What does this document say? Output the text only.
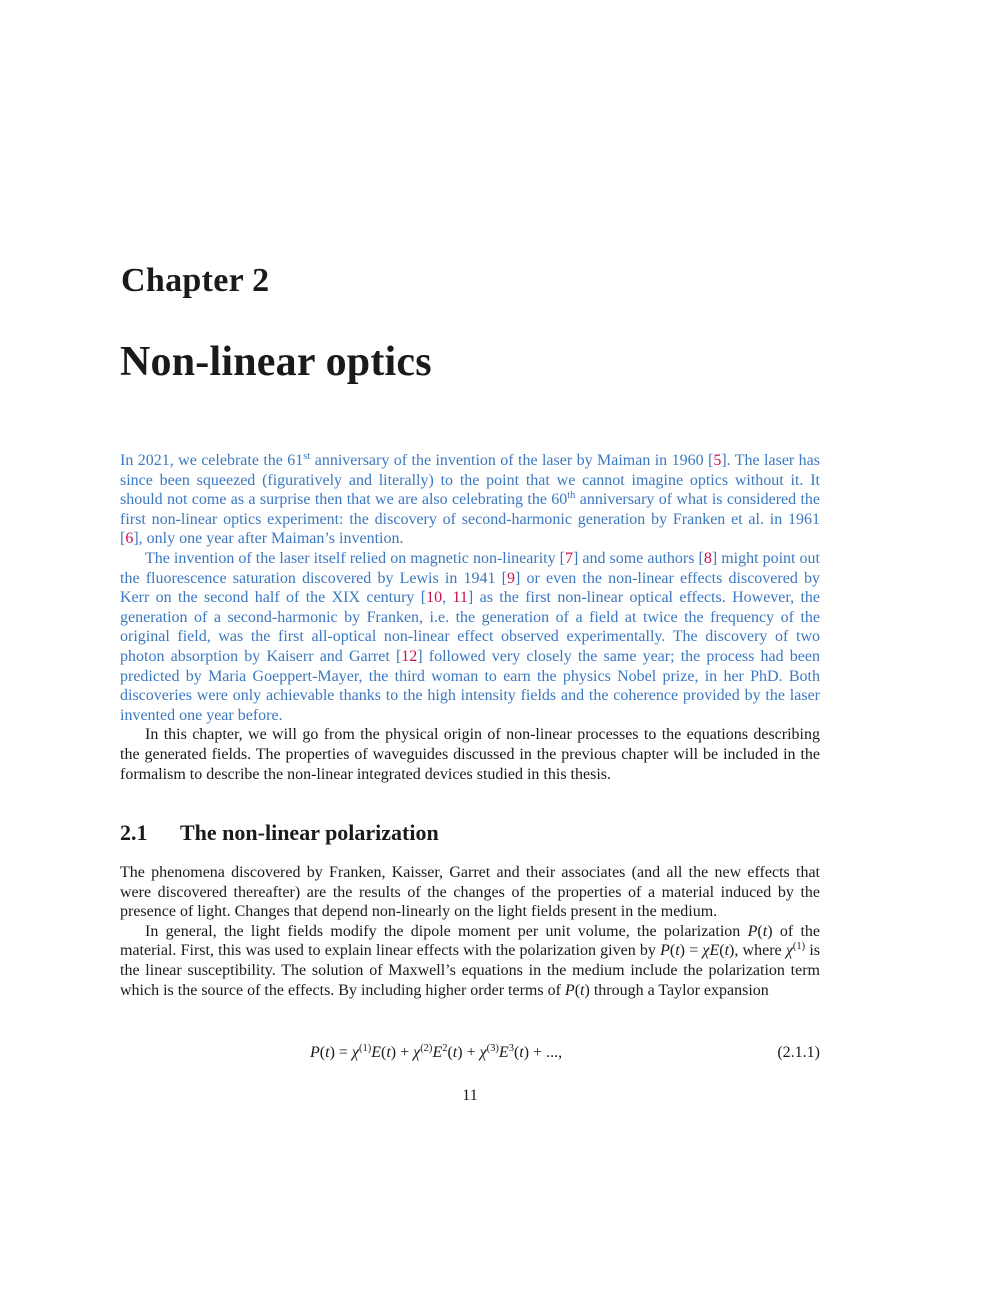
Chapter 2
Non-linear optics

In 2021, we celebrate the 61st anniversary of the invention of the laser by Maiman in 1960 [5]. The laser has since been squeezed (figuratively and literally) to the point that we cannot imagine optics without it. It should not come as a surprise then that we are also celebrating the 60th anniversary of what is considered the first non-linear optics experiment: the discovery of second-harmonic generation by Franken et al. in 1961 [6], only one year after Maiman’s invention.

The invention of the laser itself relied on magnetic non-linearity [7] and some authors [8] might point out the fluorescence saturation discovered by Lewis in 1941 [9] or even the non-linear effects discovered by Kerr on the second half of the XIX century [10, 11] as the first non-linear optical effects. However, the generation of a second-harmonic by Franken, i.e. the generation of a field at twice the frequency of the original field, was the first all-optical non-linear effect observed experimentally. The discovery of two photon absorption by Kaiserr and Garret [12] followed very closely the same year; the process had been predicted by Maria Goeppert-Mayer, the third woman to earn the physics Nobel prize, in her PhD. Both discoveries were only achievable thanks to the high intensity fields and the coherence provided by the laser invented one year before.

In this chapter, we will go from the physical origin of non-linear processes to the equations describing the generated fields. The properties of waveguides discussed in the previous chapter will be included in the formalism to describe the non-linear integrated devices studied in this thesis.

2.1 The non-linear polarization

The phenomena discovered by Franken, Kaisser, Garret and their associates (and all the new effects that were discovered thereafter) are the results of the changes of the properties of a material induced by the presence of light. Changes that depend non-linearly on the light fields present in the medium.

In general, the light fields modify the dipole moment per unit volume, the polarization P(t) of the material. First, this was used to explain linear effects with the polarization given by P(t) = χE(t), where $\chi^{(1)}$ is the linear susceptibility. The solution of Maxwell’s equations in the medium include the polarization term which is the source of the effects. By including higher order terms of P(t) through a Taylor expansion

$P(t) = \chi^{(1)}E(t) + \chi^{(2)}E^2(t) + \chi^{(3)}E^3(t)$ + ...,	(2.1.1)
11
